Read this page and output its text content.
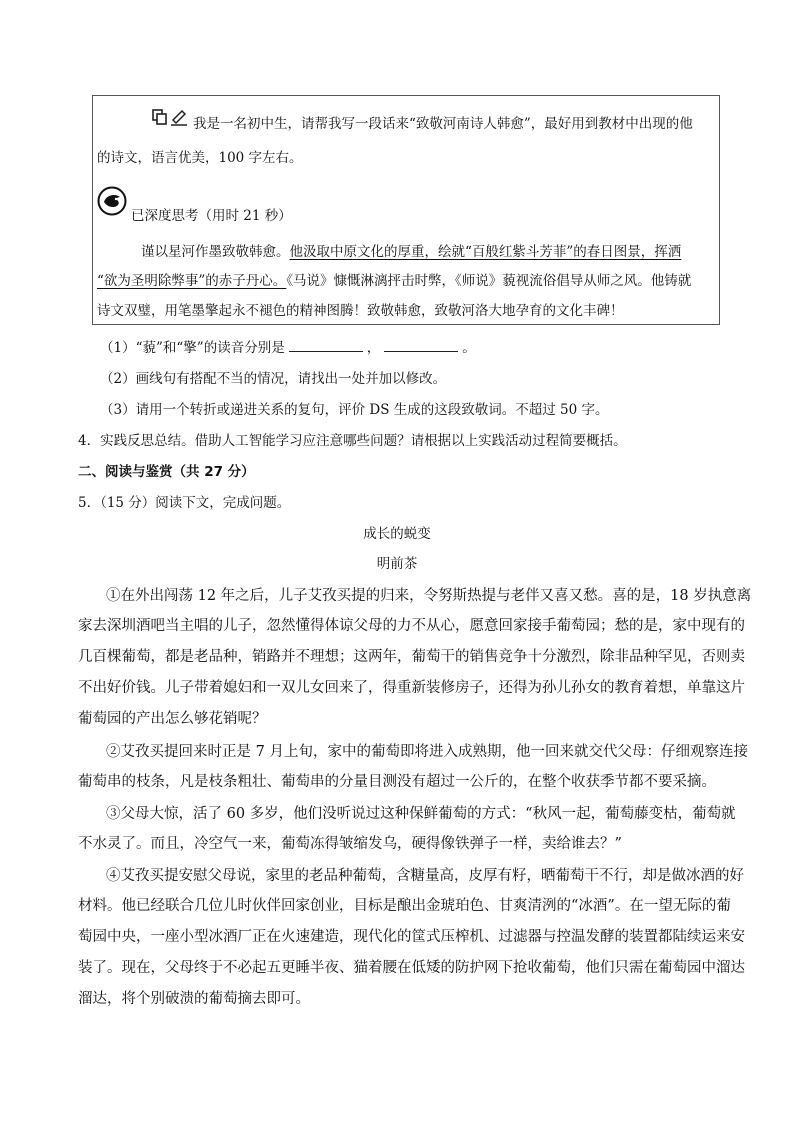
我是一名初中生，请帮我写一段话来“致敬河南诗人韩愈”，最好用到教材中出现的他
的诗文，语言优美，100 字左右。
已深度思考（用时 21 秒）
谨以星河作墨致敬韩愈。他汲取中原文化的厚重，绘就“百般红紫斗芳菲”的春日图景，挥洒
“欲为圣明除弊事”的赤子丹心。《马说》慷慨淋漓抨击时弊，《师说》藐视流俗倡导从师之风。他铸就
诗文双璧，用笔墨擎起永不褪色的精神图腾！致敬韩愈，致敬河洛大地孕育的文化丰碑！
（1）“藐”和“擎”的读音分别是	，	。
（2）画线句有搭配不当的情况，请找出一处并加以修改。
（3）请用一个转折或递进关系的复句，评价 DS 生成的这段致敬词。不超过 50 字。
4．实践反思总结。借助人工智能学习应注意哪些问题？请根据以上实践活动过程简要概括。
二、阅读与鉴赏（共 27 分）
5．（15 分）阅读下文，完成问题。
成长的蜕变
明前茶
①在外出闯荡 12 年之后，儿子艾孜买提的归来，令努斯热提与老伴又喜又愁。喜的是，18 岁执意离
家去深圳酒吧当主唱的儿子，忽然懂得体谅父母的力不从心，愿意回家接手葡萄园；愁的是，家中现有的
几百棵葡萄，都是老品种，销路并不理想；这两年，葡萄干的销售竞争十分激烈，除非品种罕见，否则卖
不出好价钱。儿子带着媳妇和一双儿女回来了，得重新装修房子，还得为孙儿孙女的教育着想，单靠这片
葡萄园的产出怎么够花销呢？
②艾孜买提回来时正是 7 月上旬，家中的葡萄即将进入成熟期，他一回来就交代父母：仔细观察连接
葡萄串的枝条，凡是枝条粗壮、葡萄串的分量目测没有超过一公斤的，在整个收获季节都不要采摘。
③父母大惊，活了 60 多岁，他们没听说过这种保鲜葡萄的方式：“秋风一起，葡萄藤变枯，葡萄就
不水灵了。而且，冷空气一来，葡萄冻得皱缩发乌，硬得像铁弹子一样，卖给谁去？”
④艾孜买提安慰父母说，家里的老品种葡萄，含糖量高，皮厚有籽，晒葡萄干不行，却是做冰酒的好
材料。他已经联合几位儿时伙伴回家创业，目标是酿出金琥珀色、甘爽清洌的“冰酒”。在一望无际的葡
萄园中央，一座小型冰酒厂正在火速建造，现代化的筐式压榨机、过滤器与控温发酵的装置都陆续运来安
装了。现在，父母终于不必起五更睡半夜、猫着腰在低矮的防护网下抢收葡萄，他们只需在葡萄园中溜达
溜达，将个别破溃的葡萄摘去即可。
